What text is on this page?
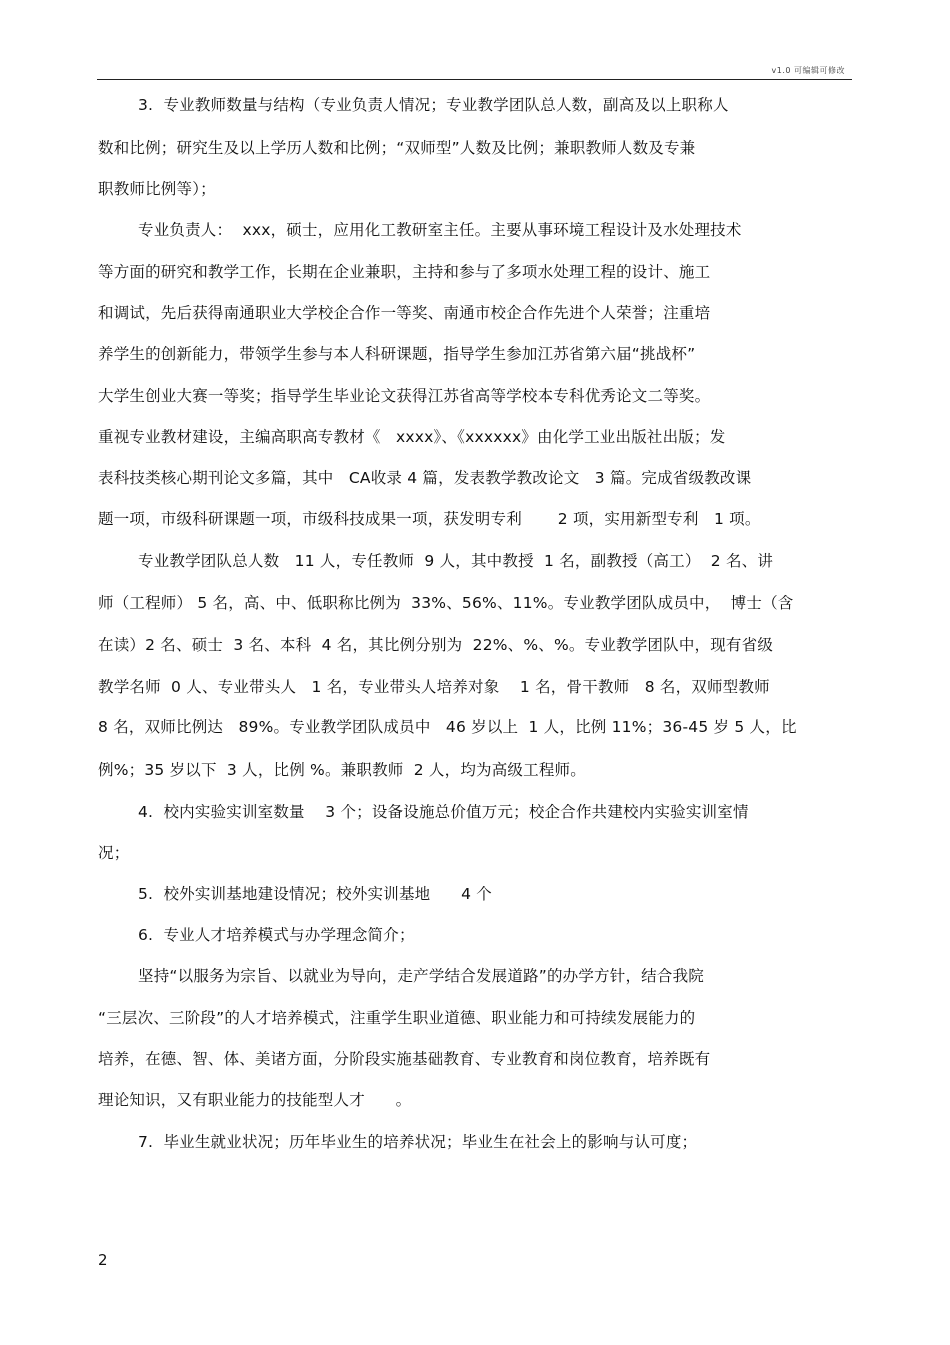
v1.0 可编辑可修改
3.  专业教师数量与结构（专业负责人情况；专业教学团队总人数，副高及以上职称人
数和比例；研究生及以上学历人数和比例；“双师型”人数及比例；兼职教师人数及专兼
职教师比例等）；
专业负责人：  xxx，硕士，应用化工教研室主任。主要从事环境工程设计及水处理技术
等方面的研究和教学工作，长期在企业兼职，主持和参与了多项水处理工程的设计、施工
和调试，先后获得南通职业大学校企合作一等奖、南通市校企合作先进个人荣誉；注重培
养学生的创新能力，带领学生参与本人科研课题，指导学生参加江苏省第六届“挑战杯”
大学生创业大赛一等奖；指导学生毕业论文获得江苏省高等学校本专科优秀论文二等奖。
重视专业教材建设，主编高职高专教材《   xxxx》、《xxxxxx》由化学工业出版社出版；发
表科技类核心期刊论文多篇，其中   CA收录 4 篇，发表教学教改论文   3 篇。完成省级教改课
题一项，市级科研课题一项，市级科技成果一项，获发明专利       2 项，实用新型专利   1 项。
专业教学团队总人数   11 人，专任教师  9 人，其中教授  1 名，副教授（高工）  2 名、讲
师（工程师） 5 名，高、中、低职称比例为  33%、56%、11%。专业教学团队成员中，  博士（含
在读）2 名、硕士  3 名、本科  4 名，其比例分别为  22%、%、%。专业教学团队中，现有省级
教学名师  0 人、专业带头人   1 名，专业带头人培养对象    1 名，骨干教师   8 名，双师型教师
8 名，双师比例达   89%。专业教学团队成员中   46 岁以上  1 人，比例 11%；36-45 岁 5 人，比
例%；35 岁以下  3 人，比例 %。兼职教师  2 人，均为高级工程师。
4.  校内实验实训室数量    3 个；设备设施总价值万元；校企合作共建校内实验实训室情
况；
5.  校外实训基地建设情况；校外实训基地      4 个
6.  专业人才培养模式与办学理念简介；
坚持“以服务为宗旨、以就业为导向，走产学结合发展道路”的办学方针，结合我院
“三层次、三阶段”的人才培养模式，注重学生职业道德、职业能力和可持续发展能力的
培养，在德、智、体、美诸方面，分阶段实施基础教育、专业教育和岗位教育，培养既有
理论知识，又有职业能力的技能型人才      。
7.  毕业生就业状况；历年毕业生的培养状况；毕业生在社会上的影响与认可度；
2
